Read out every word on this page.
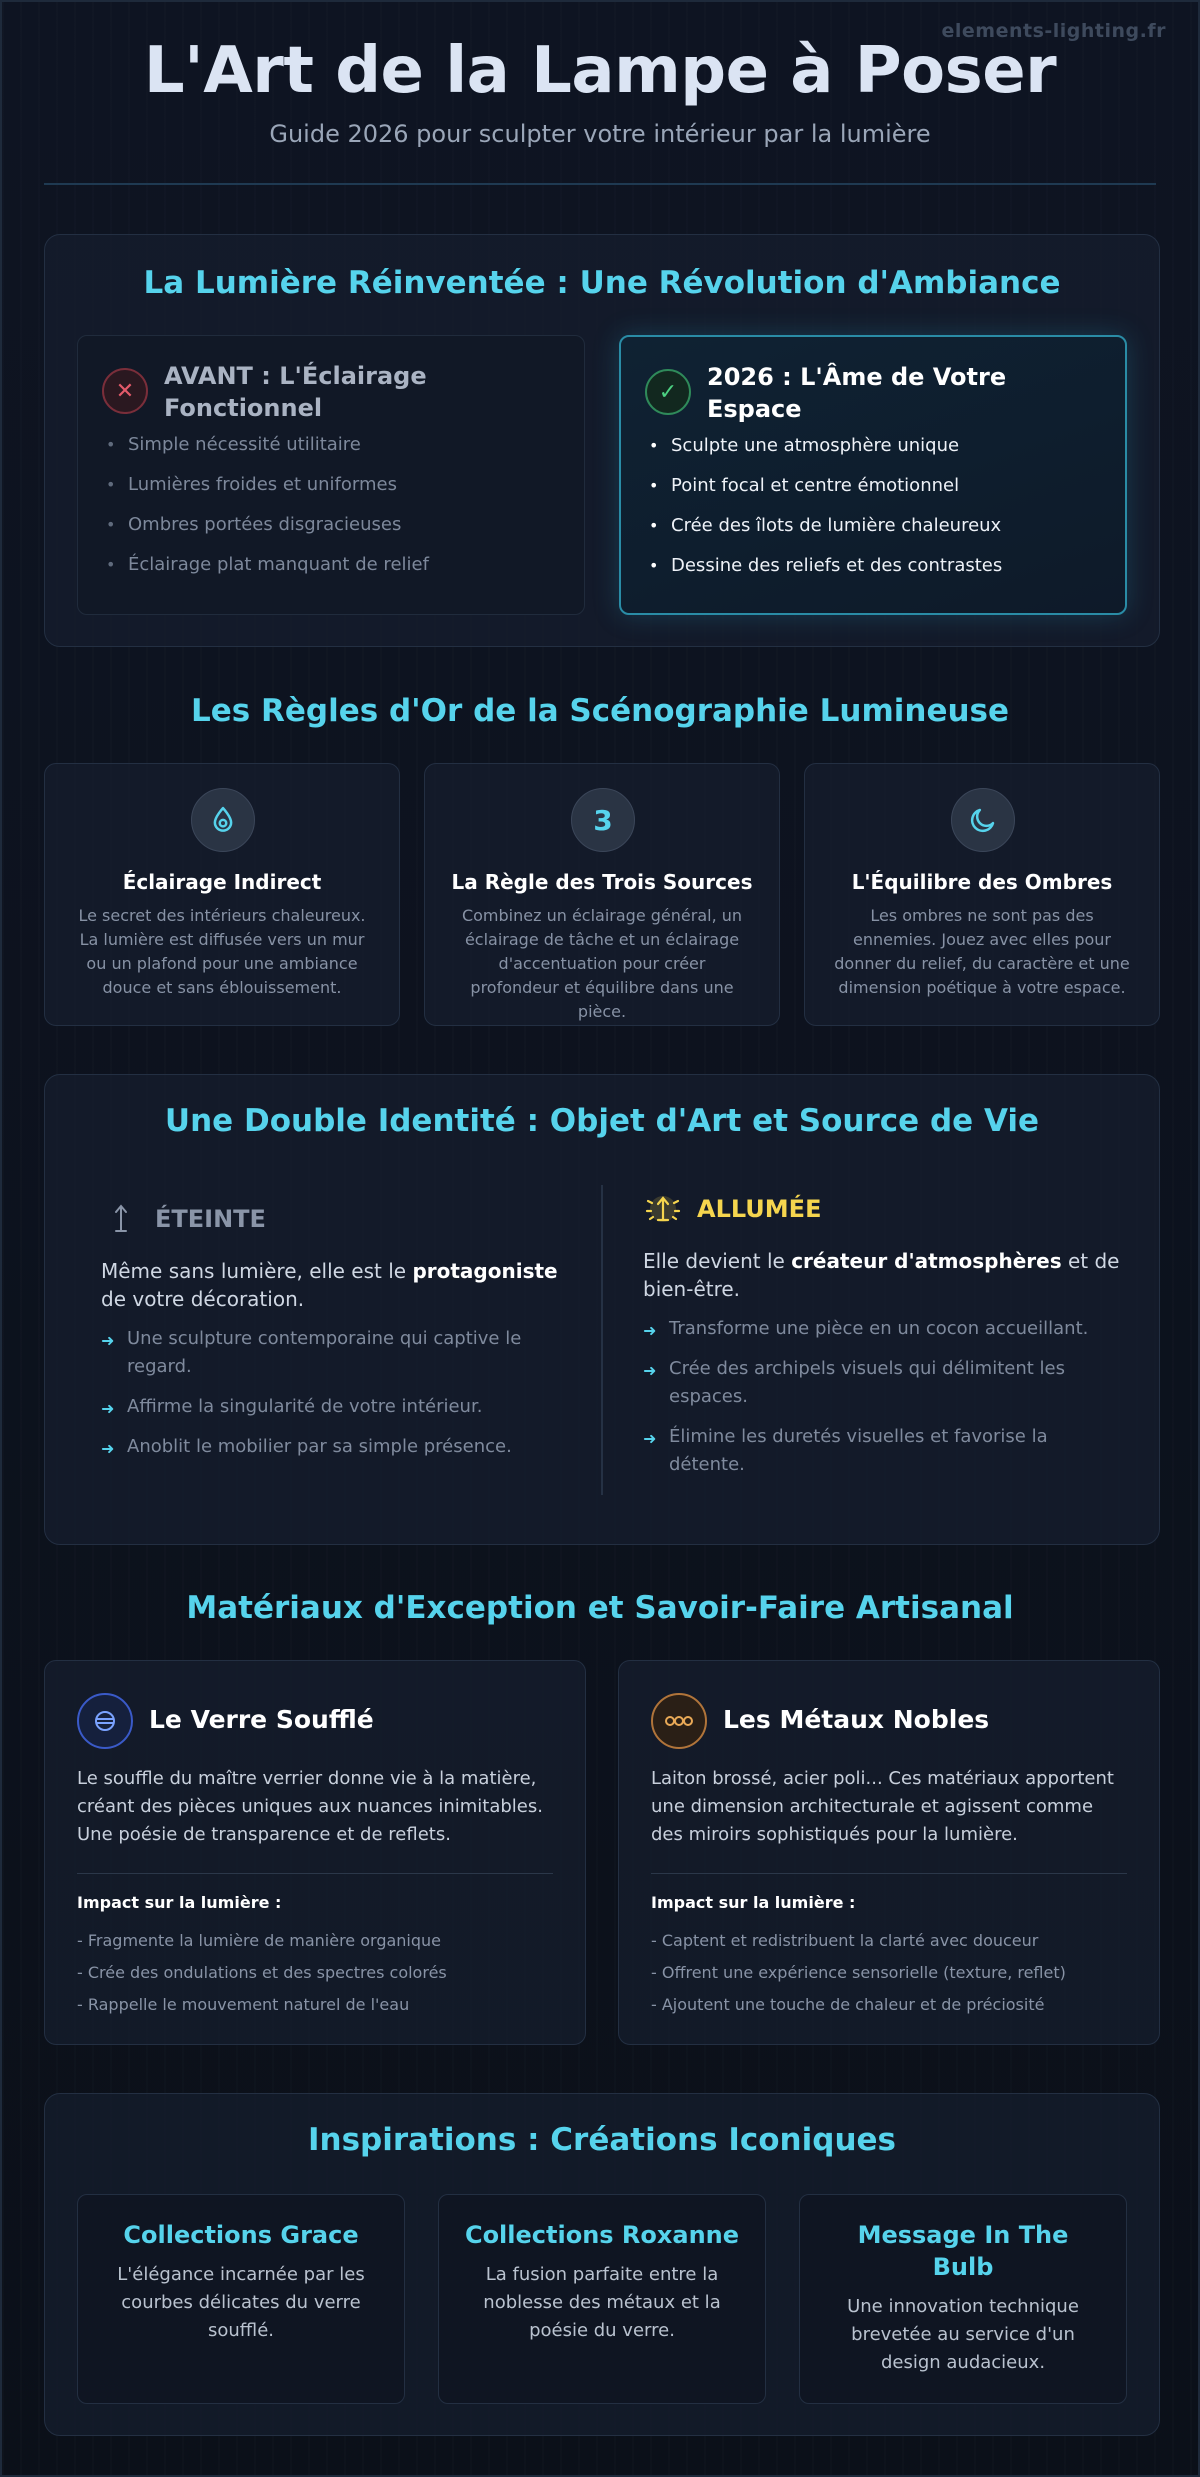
elements-lighting.fr
L'Art de la Lampe à Poser
Guide 2026 pour sculpter votre intérieur par la lumière
La Lumière Réinventée : Une Révolution d'Ambiance
✕
AVANT : L'Éclairage Fonctionnel
• Simple nécessité utilitaire
• Lumières froides et uniformes
• Ombres portées disgracieuses
• Éclairage plat manquant de relief
✓
2026 : L'Âme de Votre Espace
• Sculpte une atmosphère unique
• Point focal et centre émotionnel
• Crée des îlots de lumière chaleureux
• Dessine des reliefs et des contrastes
Les Règles d'Or de la Scénographie Lumineuse
Éclairage Indirect
Le secret des intérieurs chaleureux. La lumière est diffusée vers un mur ou un plafond pour une ambiance douce et sans éblouissement.
3
La Règle des Trois Sources
Combinez un éclairage général, un éclairage de tâche et un éclairage d'accentuation pour créer profondeur et équilibre dans une pièce.
L'Équilibre des Ombres
Les ombres ne sont pas des ennemies. Jouez avec elles pour donner du relief, du caractère et une dimension poétique à votre espace.
Une Double Identité : Objet d'Art et Source de Vie
ÉTEINTE

Même sans lumière, elle est le protagoniste de votre décoration.

➜ Une sculpture contemporaine qui captive le regard.
➜ Affirme la singularité de votre intérieur.
➜ Anoblit le mobilier par sa simple présence.
ALLUMÉE

Elle devient le créateur d'atmosphères et de bien-être.

➜ Transforme une pièce en un cocon accueillant.
➜ Crée des archipels visuels qui délimitent les espaces.
➜ Élimine les duretés visuelles et favorise la détente.
Matériaux d'Exception et Savoir-Faire Artisanal
Le Verre Soufflé
Le souffle du maître verrier donne vie à la matière, créant des pièces uniques aux nuances inimitables. Une poésie de transparence et de reflets.
Impact sur la lumière :
- Fragmente la lumière de manière organique
- Crée des ondulations et des spectres colorés
- Rappelle le mouvement naturel de l'eau
Les Métaux Nobles
Laiton brossé, acier poli... Ces matériaux apportent une dimension architecturale et agissent comme des miroirs sophistiqués pour la lumière.
Impact sur la lumière :
- Captent et redistribuent la clarté avec douceur
- Offrent une expérience sensorielle (texture, reflet)
- Ajoutent une touche de chaleur et de préciosité
Inspirations : Créations Iconiques
Collections Grace
L'élégance incarnée par les courbes délicates du verre soufflé.
Collections Roxanne
La fusion parfaite entre la noblesse des métaux et la poésie du verre.
Message In The Bulb
Une innovation technique brevetée au service d'un design audacieux.
